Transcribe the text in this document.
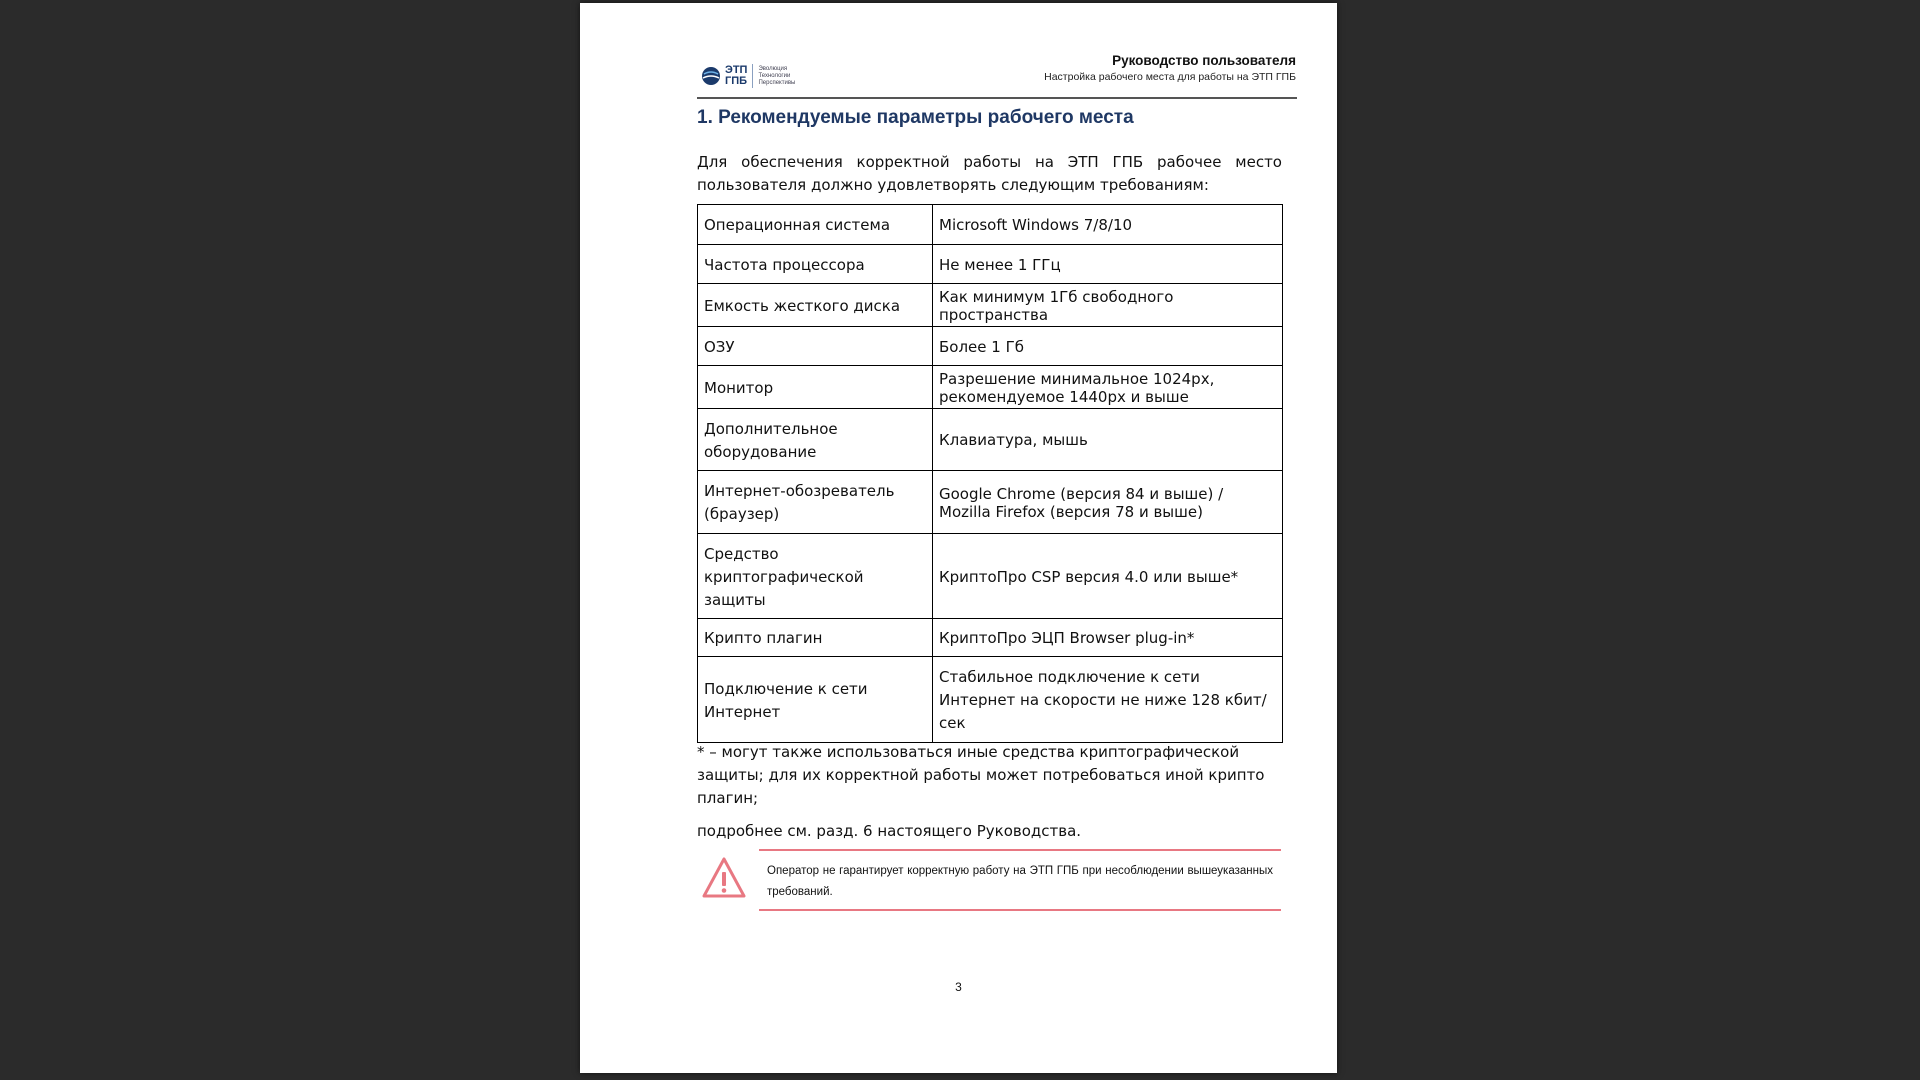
ЭТП
ГПБ
Эволюция
Технологии
Перспективы
Руководство пользователя
Настройка рабочего места для работы на ЭТП ГПБ
1. Рекомендуемые параметры рабочего места
Для обеспечения корректной работы на ЭТП ГПБ рабочее место пользователя должно удовлетворять следующим требованиям:
Операционная система	Microsoft Windows 7/8/10
Частота процессора	Не менее 1 ГГц
Емкость жесткого диска	Как минимум 1Гб свободного пространства
ОЗУ	Более 1 Гб
Монитор	Разрешение минимальное 1024px, рекомендуемое 1440px и выше
Дополнительное оборудование	Клавиатура, мышь
Интернет-обозреватель (браузер)	Google Chrome (версия 84 и выше) / Mozilla Firefox (версия 78 и выше)
Средство криптографической защиты	КриптоПро CSP версия 4.0 или выше*
Крипто плагин	КриптоПро ЭЦП Browser plug-in*
Подключение к сети Интернет	Стабильное подключение к сети Интернет на скорости не ниже 128 кбит/сек
* – могут также использоваться иные средства криптографической защиты; для их корректной работы может потребоваться иной крипто плагин;
подробнее см. разд. 6 настоящего Руководства.
Оператор не гарантирует корректную работу на ЭТП ГПБ при несоблюдении вышеуказанных требований.
3
